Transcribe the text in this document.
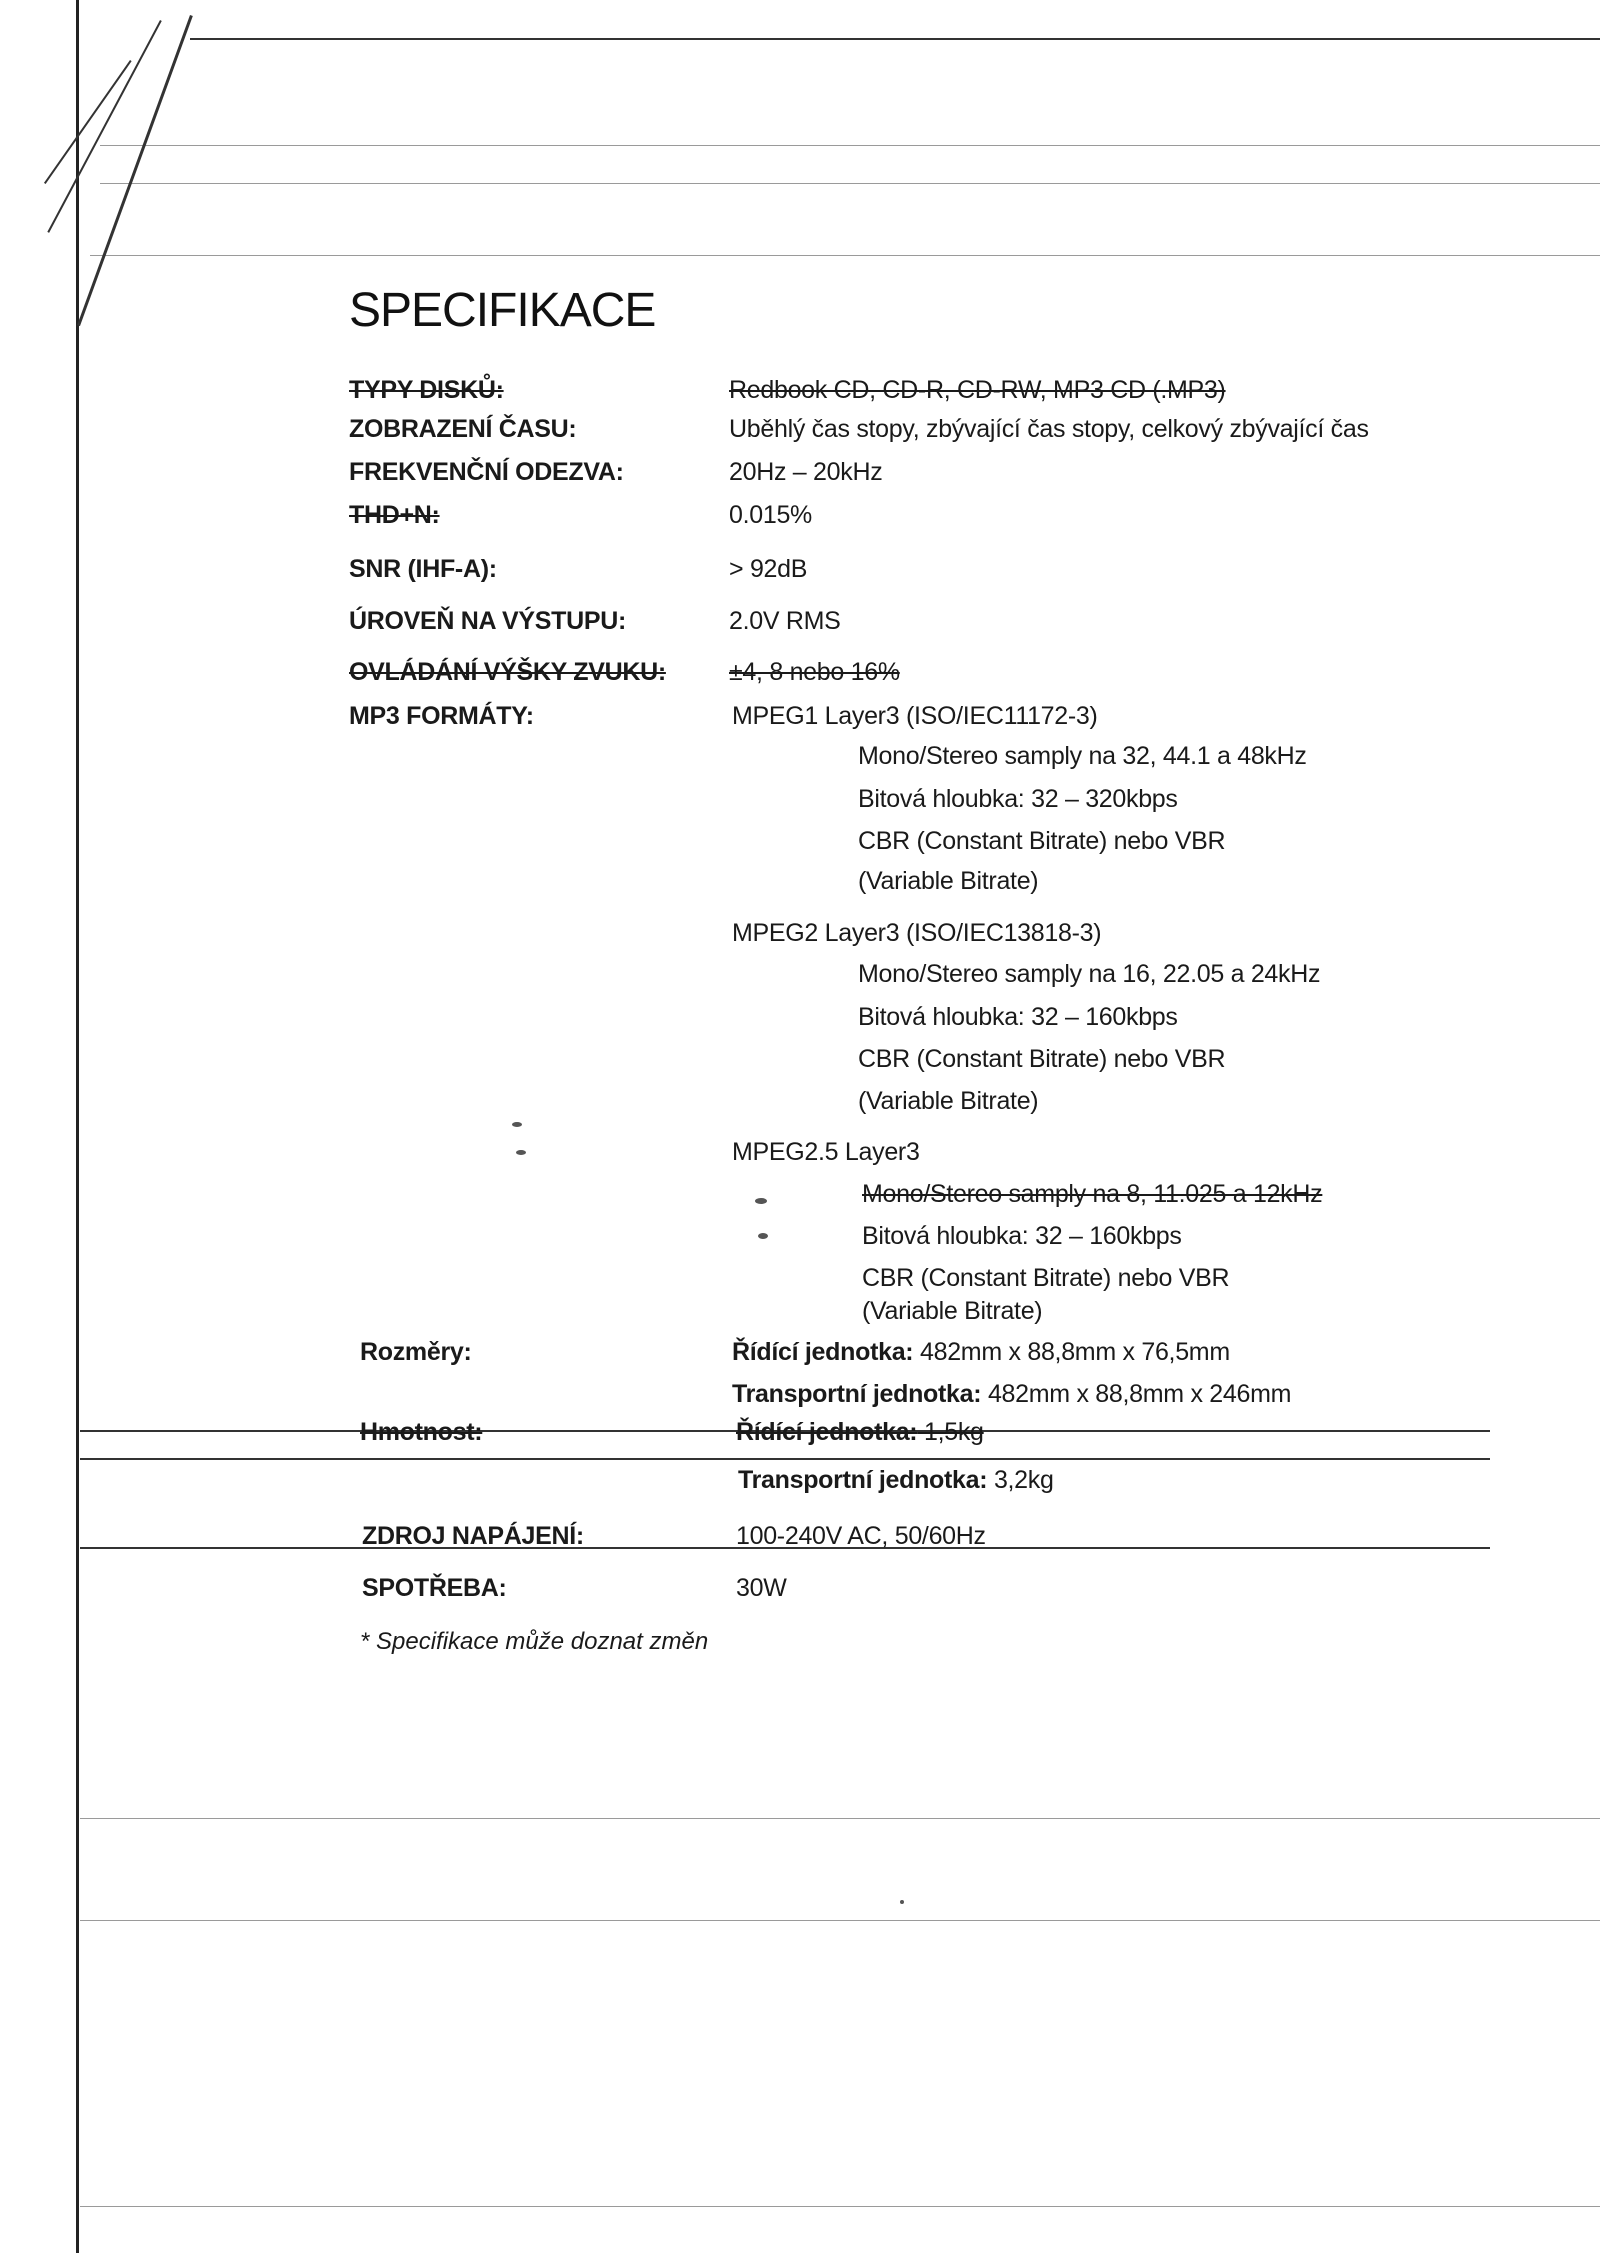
SPECIFIKACE
TYPY DISKŮ:	Redbook CD, CD-R, CD-RW, MP3 CD (.MP3)
ZOBRAZENÍ ČASU:	Uběhlý čas stopy, zbývající čas stopy, celkový zbývající čas
FREKVENČNÍ ODEZVA:	20Hz – 20kHz
THD+N:	0.015%
SNR (IHF-A):	> 92dB
ÚROVEŇ NA VÝSTUPU:	2.0V RMS
OVLÁDÁNÍ VÝŠKY ZVUKU:	±4, 8 nebo 16%
MP3 FORMÁTY:	MPEG1 Layer3 (ISO/IEC11172-3)
Mono/Stereo samply na 32, 44.1 a 48kHz
Bitová hloubka: 32 – 320kbps
CBR (Constant Bitrate) nebo VBR
(Variable Bitrate)
MPEG2 Layer3 (ISO/IEC13818-3)
Mono/Stereo samply na 16, 22.05 a 24kHz
Bitová hloubka: 32 – 160kbps
CBR (Constant Bitrate) nebo VBR
(Variable Bitrate)
MPEG2.5 Layer3
Mono/Stereo samply na 8, 11.025 a 12kHz
Bitová hloubka: 32 – 160kbps
CBR (Constant Bitrate) nebo VBR
(Variable Bitrate)
Rozměry:	Řídící jednotka: 482mm x 88,8mm x 76,5mm
Transportní jednotka: 482mm x 88,8mm x 246mm
Hmotnost:	Řídící jednotka: 1,5kg
Transportní jednotka: 3,2kg
ZDROJ NAPÁJENÍ:	100-240V AC, 50/60Hz
SPOTŘEBA:	30W
* Specifikace může doznat změn
